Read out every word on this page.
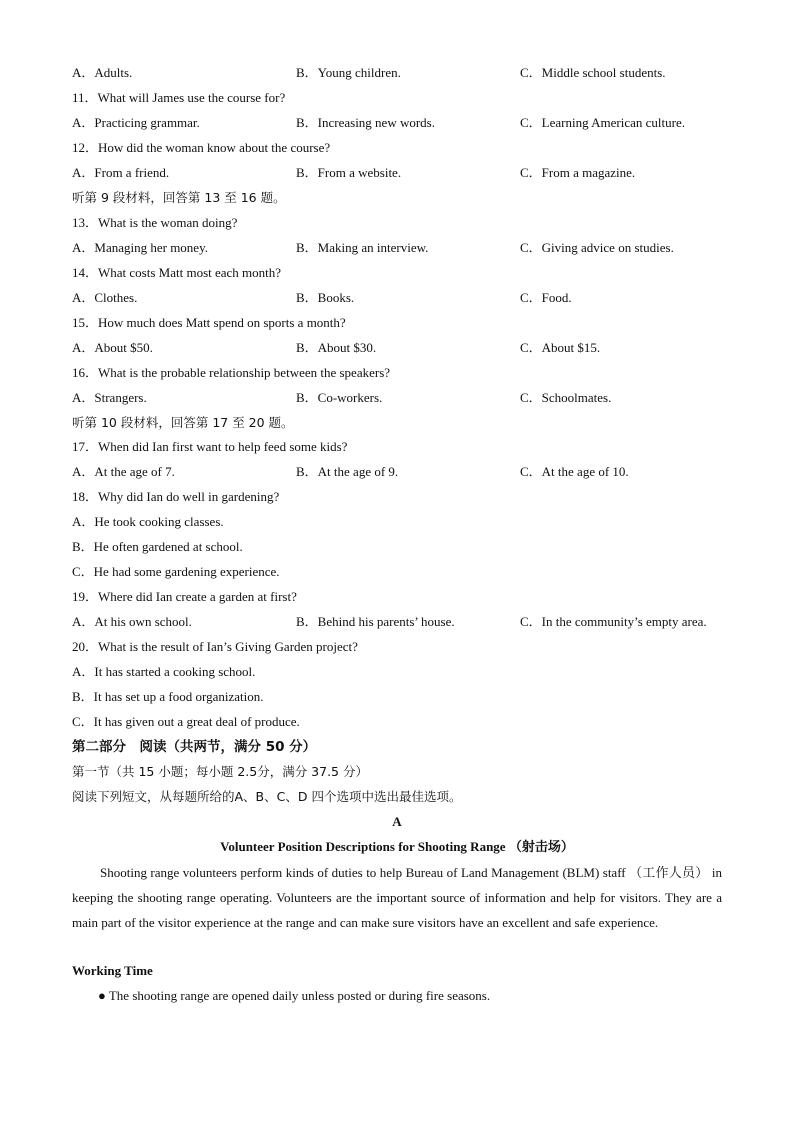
A．Adults.	B．Young children.	C．Middle school students.
11．What will James use the course for?
A．Practicing grammar.	B．Increasing new words.	C．Learning American culture.
12．How did the woman know about the course?
A．From a friend.	B．From a website.	C．From a magazine.
听第 9 段材料，回答第 13 至 16 题。
13．What is the woman doing?
A．Managing her money.	B．Making an interview.	C．Giving advice on studies.
14．What costs Matt most each month?
A．Clothes.	B．Books.	C．Food.
15．How much does Matt spend on sports a month?
A．About $50.	B．About $30.	C．About $15.
16．What is the probable relationship between the speakers?
A．Strangers.	B．Co-workers.	C．Schoolmates.
听第 10 段材料，回答第 17 至 20 题。
17．When did Ian first want to help feed some kids?
A．At the age of 7.	B．At the age of 9.	C．At the age of 10.
18．Why did Ian do well in gardening?
A．He took cooking classes.
B．He often gardened at school.
C．He had some gardening experience.
19．Where did Ian create a garden at first?
A．At his own school.	B．Behind his parents’ house.	C．In the community’s empty area.
20．What is the result of Ian’s Giving Garden project?
A．It has started a cooking school.
B．It has set up a food organization.
C．It has given out a great deal of produce.
第二部分　阅读（共两节，满分 50 分）
第一节（共 15 小题；每小题 2.5分，满分 37.5 分）
阅读下列短文，从每题所给的A、B、C、D 四个选项中选出最佳选项。
A
Volunteer Position Descriptions for Shooting Range （射击场）
Shooting range volunteers perform kinds of duties to help Bureau of Land Management (BLM) staff （工作人员） in keeping the shooting range operating. Volunteers are the important source of information and help for visitors. They are a main part of the visitor experience at the range and can make sure visitors have an excellent and safe experience.
Working Time
● The shooting range are opened daily unless posted or during fire seasons.
